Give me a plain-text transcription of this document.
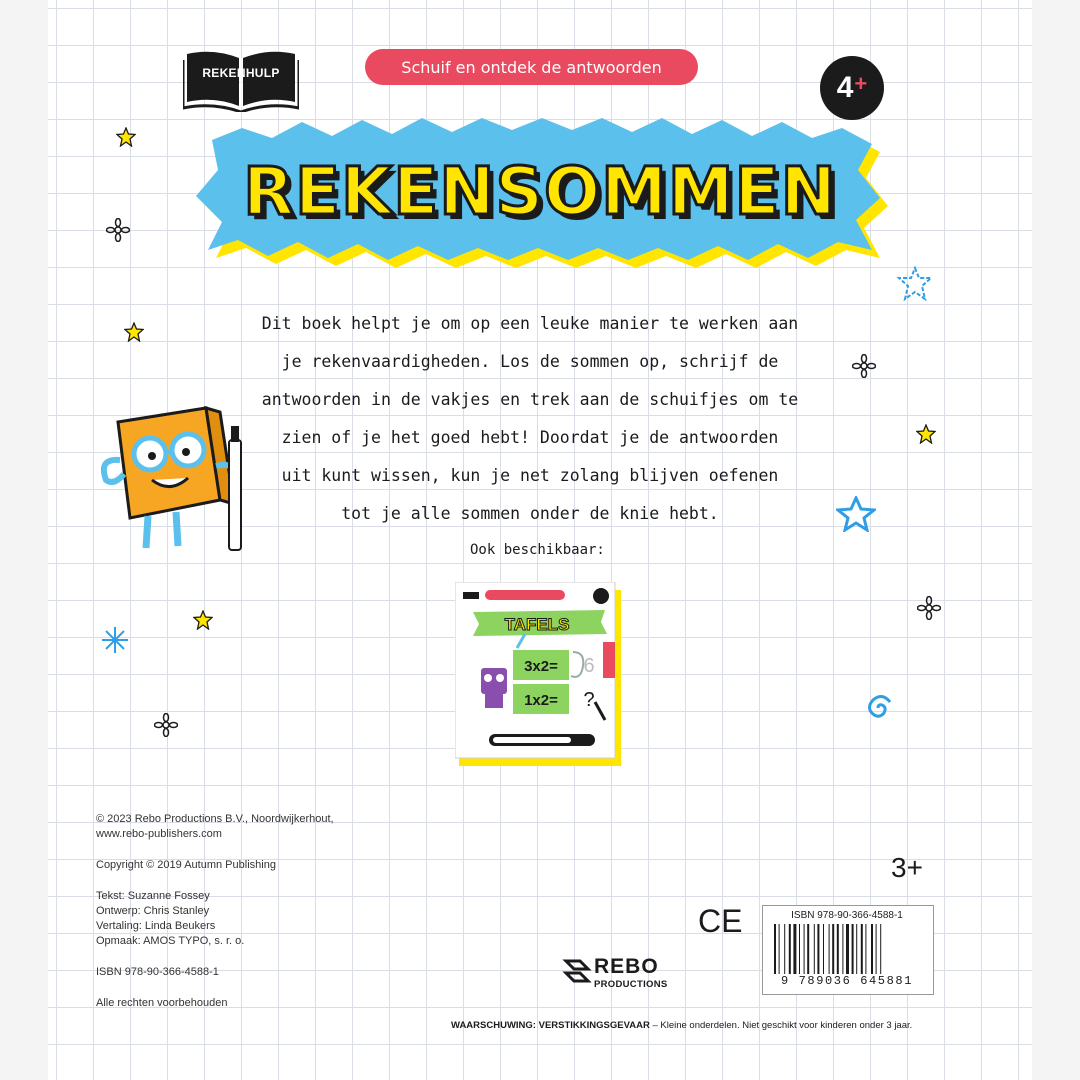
REKENHULP	Schuif en ontdek de antwoorden
4 +
REKENSOMMEN
Dit boek helpt je om op een leuke manier te werken aan
je rekenvaardigheden. Los de sommen op, schrijf de
antwoorden in de vakjes en trek aan de schuifjes om te
zien of je het goed hebt! Doordat je de antwoorden
uit kunt wissen, kun je net zolang blijven oefenen
tot je alle sommen onder de knie hebt.
Ook beschikbaar:
TAFELS
3x2=
1x2=
6
?
© 2023 Rebo Productions B.V., Noordwijkerhout,
www.rebo-publishers.com
Copyright © 2019 Autumn Publishing
Tekst: Suzanne Fossey
Ontwerp: Chris Stanley
Vertaling: Linda Beukers
Opmaak: AMOS TYPO, s. r. o.
ISBN 978-90-366-4588-1
Alle rechten voorbehouden
3+
CE	ISBN 978-90-366-4588-1
9 789036 645881
REBO
PRODUCTIONS
WAARSCHUWING: VERSTIKKINGSGEVAAR – Kleine onderdelen. Niet geschikt voor kinderen onder 3 jaar.
